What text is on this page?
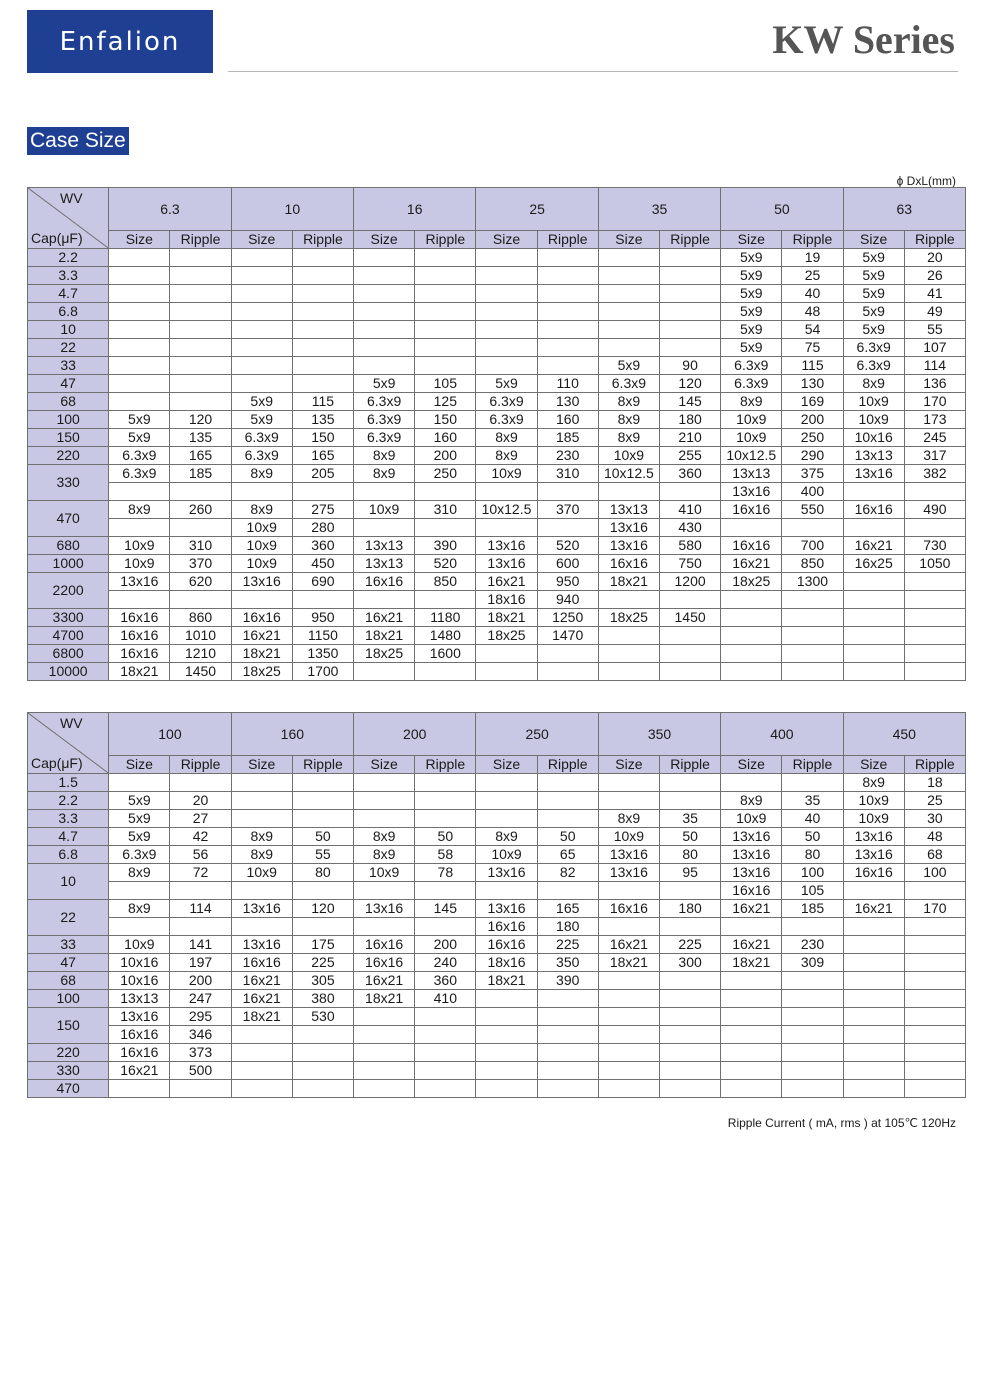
Enfalion	KW Series
Case Size
ϕ DxL(mm)
WV
Cap(μF)	6.3		10		16		25		35		50		63	
	Size	Ripple	Size	Ripple	Size	Ripple	Size	Ripple	Size	Ripple	Size	Ripple	Size	Ripple
2.2											5x9	19	5x9	20
3.3											5x9	25	5x9	26
4.7											5x9	40	5x9	41
6.8											5x9	48	5x9	49
10											5x9	54	5x9	55
22											5x9	75	6.3x9	107
33									5x9	90	6.3x9	115	6.3x9	114
47					5x9	105	5x9	110	6.3x9	120	6.3x9	130	8x9	136
68			5x9	115	6.3x9	125	6.3x9	130	8x9	145	8x9	169	10x9	170
100	5x9	120	5x9	135	6.3x9	150	6.3x9	160	8x9	180	10x9	200	10x9	173
150	5x9	135	6.3x9	150	6.3x9	160	8x9	185	8x9	210	10x9	250	10x16	245
220	6.3x9	165	6.3x9	165	8x9	200	8x9	230	10x9	255	10x12.5	290	13x13	317
330	6.3x9	185	8x9	205	8x9	250	10x9	310	10x12.5	360	13x13	375	13x16	382
											13x16	400		
470	8x9	260	8x9	275	10x9	310	10x12.5	370	13x13	410	16x16	550	16x16	490
			10x9	280					13x16	430				
680	10x9	310	10x9	360	13x13	390	13x16	520	13x16	580	16x16	700	16x21	730
1000	10x9	370	10x9	450	13x13	520	13x16	600	16x16	750	16x21	850	16x25	1050
2200	13x16	620	13x16	690	16x16	850	16x21	950	18x21	1200	18x25	1300		
							18x16	940						
3300	16x16	860	16x16	950	16x21	1180	18x21	1250	18x25	1450				
4700	16x16	1010	16x21	1150	18x21	1480	18x25	1470						
6800	16x16	1210	18x21	1350	18x25	1600								
10000	18x21	1450	18x25	1700										
WV
Cap(μF)	100		160		200		250		350		400		450	
	Size	Ripple	Size	Ripple	Size	Ripple	Size	Ripple	Size	Ripple	Size	Ripple	Size	Ripple
1.5													8x9	18
2.2	5x9	20									8x9	35	10x9	25
3.3	5x9	27							8x9	35	10x9	40	10x9	30
4.7	5x9	42	8x9	50	8x9	50	8x9	50	10x9	50	13x16	50	13x16	48
6.8	6.3x9	56	8x9	55	8x9	58	10x9	65	13x16	80	13x16	80	13x16	68
10	8x9	72	10x9	80	10x9	78	13x16	82	13x16	95	13x16	100	16x16	100
											16x16	105		
22	8x9	114	13x16	120	13x16	145	13x16	165	16x16	180	16x21	185	16x21	170
							16x16	180						
33	10x9	141	13x16	175	16x16	200	16x16	225	16x21	225	16x21	230		
47	10x16	197	16x16	225	16x16	240	18x16	350	18x21	300	18x21	309		
68	10x16	200	16x21	305	16x21	360	18x21	390						
100	13x13	247	16x21	380	18x21	410								
150	13x16	295	18x21	530										
	16x16	346												
220	16x16	373												
330	16x21	500												
470														
Ripple Current ( mA, rms ) at 105℃ 120Hz
